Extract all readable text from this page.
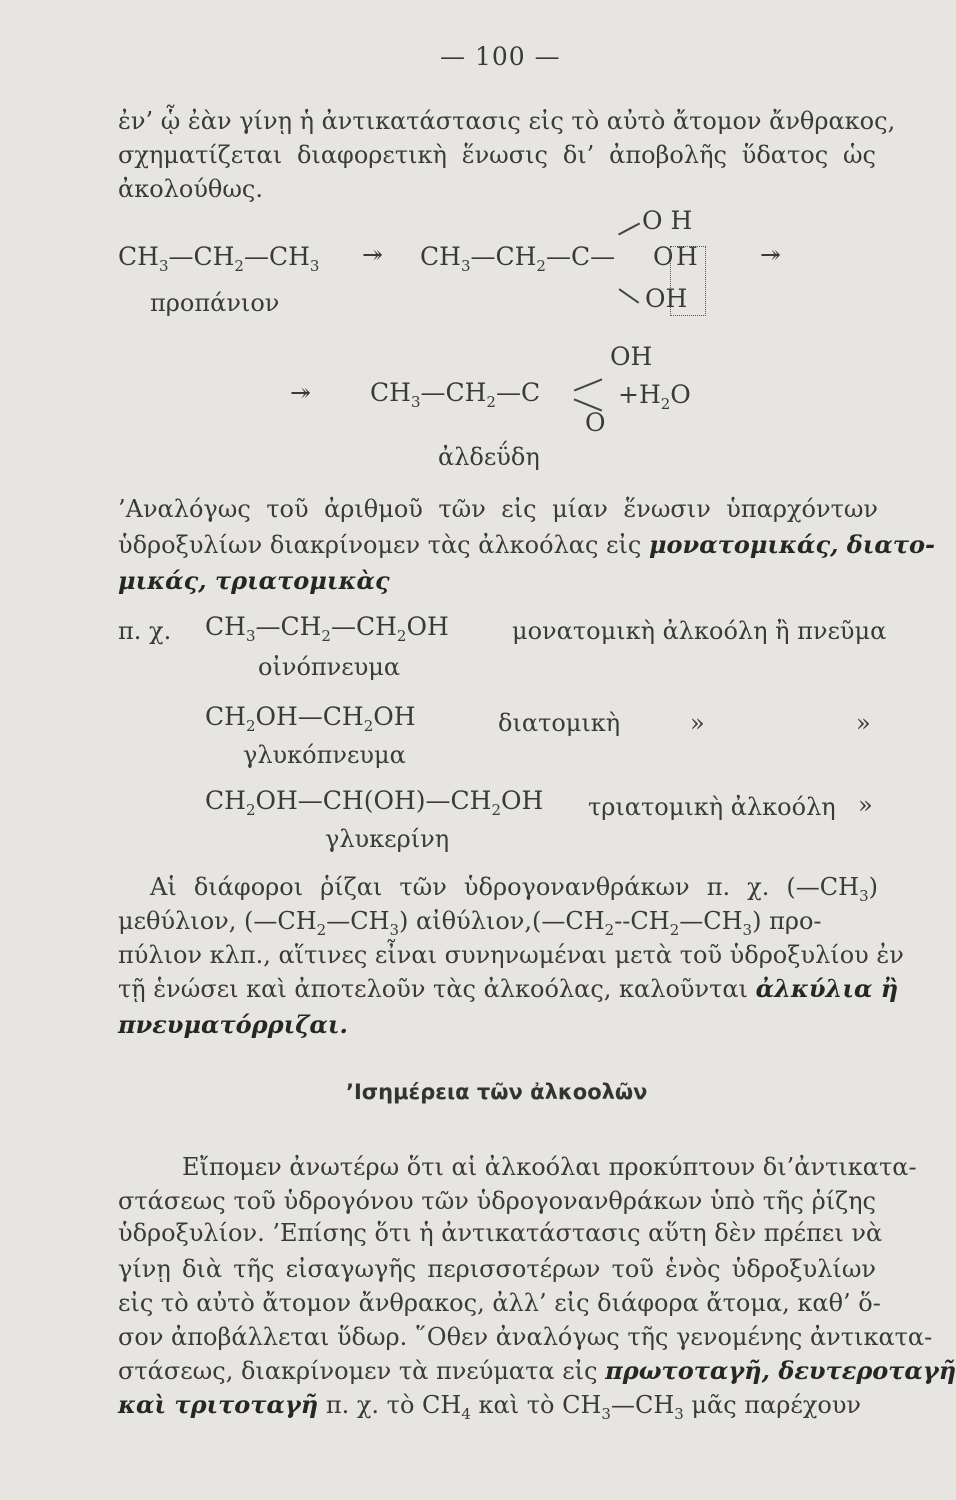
— 100 —
ἐν’ ᾧ ἐὰν γίνῃ ἡ ἀντικατάστασις εἰς τὸ αὐτὸ ἄτομον ἄνθρακος,
σχηματίζεται διαφορετικὴ ἕνωσις δι’ ἀποβολῆς ὕδατος ὡς
ἀκολούθως.
$CH_3—CH_2—CH_3$ ↠ $CH_3—CH_2—C—$
O H
O H
OH
↠
προπάνιον
OH
↠ $CH_3—CH_2—C$	$+H_2O$
O
ἀλδεΰδη
’Αναλόγως τοῦ ἀριθμοῦ τῶν εἰς μίαν ἕνωσιν ὑπαρχόντων
ὑδροξυλίων διακρίνομεν τὰς ἀλκοόλας εἰς μονατομικάς, διατο-
μικάς, τριατομικὰς
π. χ. $CH_3—CH_2—CH_2OH$	μονατομικὴ ἀλκοόλη ἢ πνεῦμα
οἰνόπνευμα
$CH_2OH—CH_2OH$	διατομικὴ	»	»
γλυκόπνευμα
$CH_2OH—CH(OH)—CH_2OH$ τριατομικὴ ἀλκοόλη »
γλυκερίνη
Αἱ διάφοροι ῥίζαι τῶν ὑδρογονανθράκων π. χ. $(—CH_3)$
μεθύλιον, $(—CH_2—CH_3)$ $\alpha ἰ\theta ύ\lambda\iota o\nu,(—CH_2--CH_2—CH_3)$ προ-
πύλιον κλπ., αἵτινες εἶναι συνηνωμέναι μετὰ τοῦ ὑδροξυλίου ἐν
τῇ ἑνώσει καὶ ἀποτελοῦν τὰς ἀλκοόλας, καλοῦνται ἀλκύλια ἢ
πνευματόρριζαι.
’Ισημέρεια τῶν ἀλκοολῶν
Εἴπομεν ἀνωτέρω ὅτι αἱ ἀλκοόλαι προκύπτουν δι’ἀντικατα-
στάσεως τοῦ ὑδρογόνου τῶν ὑδρογονανθράκων ὑπὸ τῆς ῥίζης
ὑδροξυλίον. ’Επίσης ὅτι ἡ ἀντικατάστασις αὕτη δὲν πρέπει νὰ
γίνῃ διὰ τῆς εἰσαγωγῆς περισσοτέρων τοῦ ἑνὸς ὑδροξυλίων
εἰς τὸ αὐτὸ ἄτομον ἄνθρακος, ἀλλ’ εἰς διάφορα ἄτομα, καθ’ ὅ-
σον ἀποβάλλεται ὕδωρ. ῞Οθεν ἀναλόγως τῆς γενομένης ἀντικατα-
στάσεως, διακρίνομεν τὰ πνεύματα εἰς πρωτοταγῆ, δευτεροταγῆ
καὶ τριτοταγῆ π. χ. τὸ $CH_4$ καὶ τὸ $CH_3—CH_3$ μᾶς παρέχουν
